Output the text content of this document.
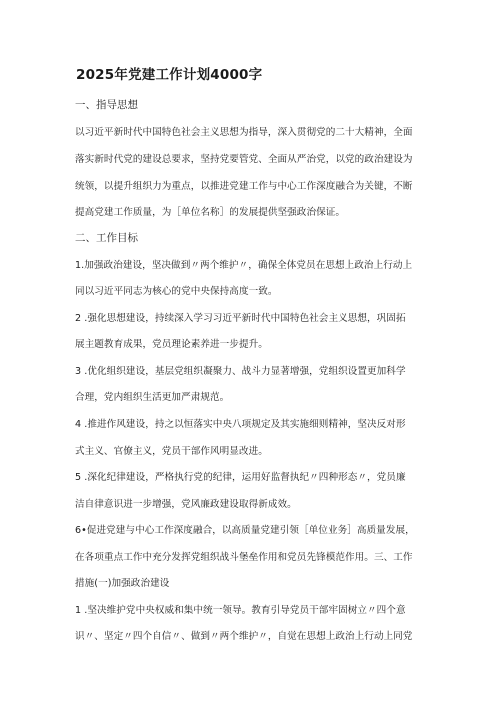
2025年党建工作计划4000字
一、指导思想
以习近平新时代中国特色社会主义思想为指导，深入贯彻党的二十大精神，全面
落实新时代党的建设总要求，坚持党要管党、全面从严治党，以党的政治建设为
统领，以提升组织力为重点，以推进党建工作与中心工作深度融合为关键，不断
提高党建工作质量，为［单位名称］的发展提供坚强政治保证。
二、工作目标
1.加强政治建设，坚决做到〃两个维护〃，确保全体党员在思想上政治上行动上
同以习近平同志为核心的党中央保持高度一致。
2 .强化思想建设，持续深入学习习近平新时代中国特色社会主义思想，巩固拓
展主题教育成果，党员理论素养进一步提升。
3 .优化组织建设，基层党组织凝聚力、战斗力显著增强，党组织设置更加科学
合理，党内组织生活更加严肃规范。
4 .推进作风建设，持之以恒落实中央八项规定及其实施细则精神，坚决反对形
式主义、官僚主义，党员干部作风明显改进。
5 .深化纪律建设，严格执行党的纪律，运用好监督执纪〃四种形态〃，党员廉
洁自律意识进一步增强，党风廉政建设取得新成效。
6•促进党建与中心工作深度融合，以高质量党建引领［单位业务］高质量发展，
在各项重点工作中充分发挥党组织战斗堡垒作用和党员先锋模范作用。三、工作
措施(一)加强政治建设
1 .坚决维护党中央权威和集中统一领导。教育引导党员干部牢固树立〃四个意
识〃、坚定〃四个自信〃、做到〃两个维护〃，自觉在思想上政治上行动上同党
